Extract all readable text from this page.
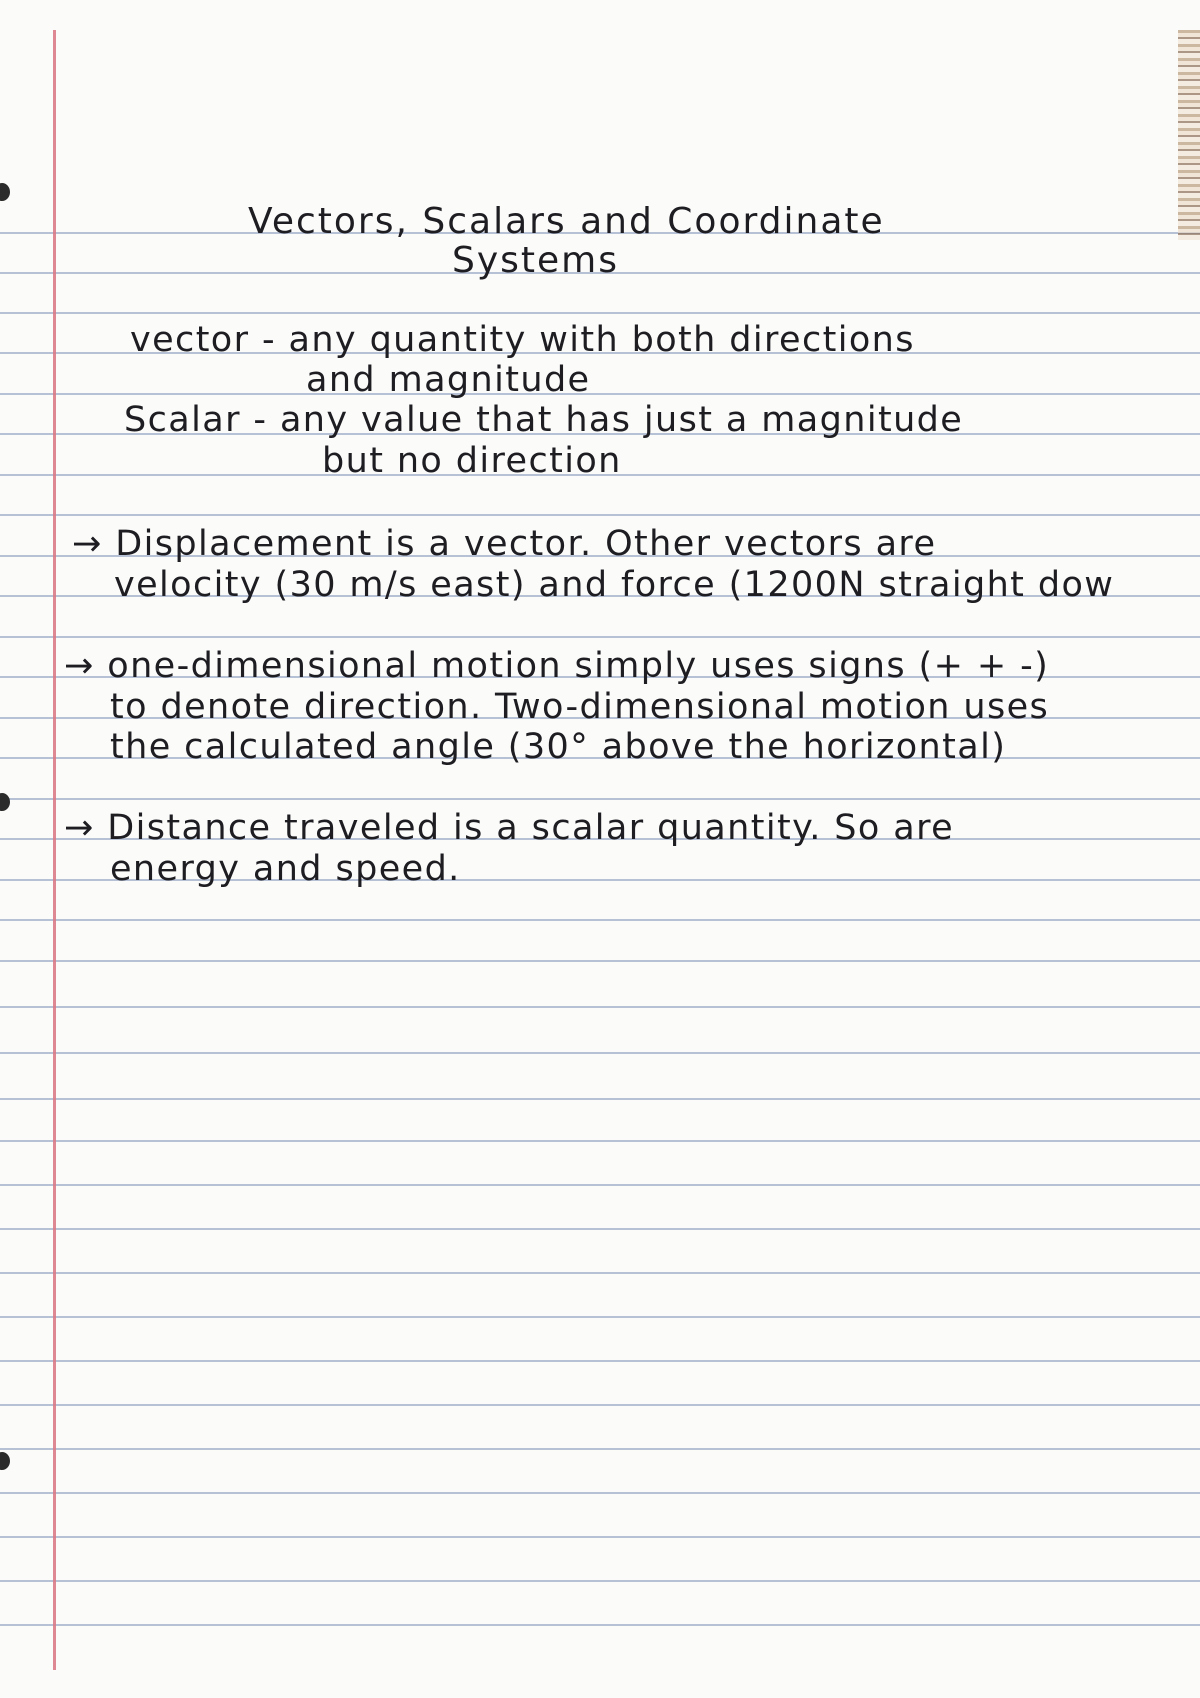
Vectors, Scalars and Coordinate
Systems
vector - any quantity with both directions
and magnitude
Scalar - any value that has just a magnitude
but no direction
→ Displacement is a vector. Other vectors are
velocity (30 m/s east) and force (1200N straight dow
→ one-dimensional motion simply uses signs (+ + -)
to denote direction. Two-dimensional motion uses
the calculated angle (30° above the horizontal)
→ Distance traveled is a scalar quantity. So are
energy and speed.
